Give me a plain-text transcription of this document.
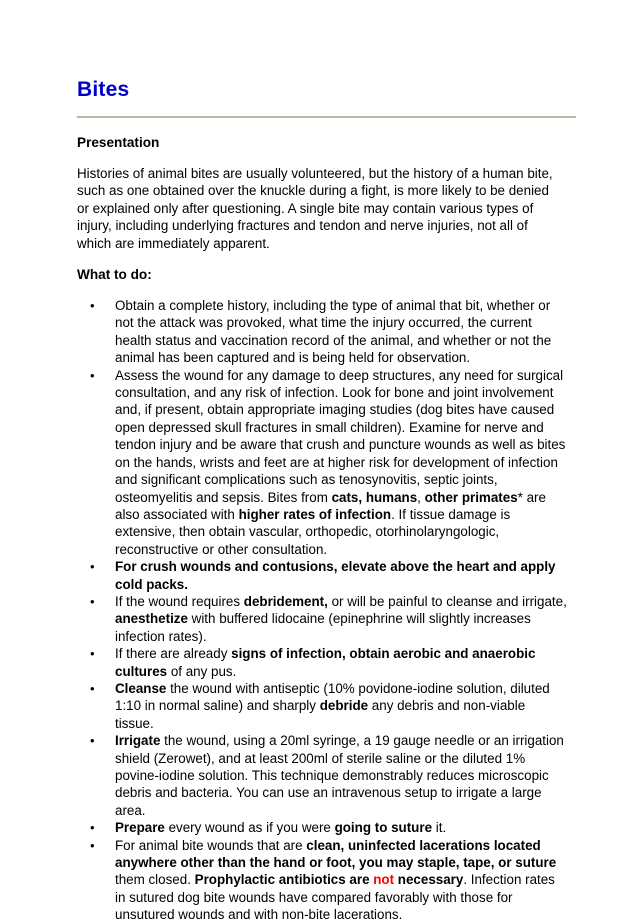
Bites
Presentation

Histories of animal bites are usually volunteered, but the history of a human bite, such as one obtained over the knuckle during a fight, is more likely to be denied or explained only after questioning. A single bite may contain various types of injury, including underlying fractures and tendon and nerve injuries, not all of which are immediately apparent.

What to do:
• Obtain a complete history, including the type of animal that bit, whether or not the attack was provoked, what time the injury occurred, the current health status and vaccination record of the animal, and whether or not the animal has been captured and is being held for observation.
• Assess the wound for any damage to deep structures, any need for surgical consultation, and any risk of infection. Look for bone and joint involvement and, if present, obtain appropriate imaging studies (dog bites have caused open depressed skull fractures in small children). Examine for nerve and tendon injury and be aware that crush and puncture wounds as well as bites on the hands, wrists and feet are at higher risk for development of infection and significant complications such as tenosynovitis, septic joints, osteomyelitis and sepsis. Bites from cats, humans, other primates* are also associated with higher rates of infection. If tissue damage is extensive, then obtain vascular, orthopedic, otorhinolaryngologic, reconstructive or other consultation.
• For crush wounds and contusions, elevate above the heart and apply cold packs.
• If the wound requires debridement, or will be painful to cleanse and irrigate, anesthetize with buffered lidocaine (epinephrine will slightly increases infection rates).
• If there are already signs of infection, obtain aerobic and anaerobic cultures of any pus.
• Cleanse the wound with antiseptic (10% povidone-iodine solution, diluted 1:10 in normal saline) and sharply debride any debris and non-viable tissue.
• Irrigate the wound, using a 20ml syringe, a 19 gauge needle or an irrigation shield (Zerowet), and at least 200ml of sterile saline or the diluted 1% povine-iodine solution. This technique demonstrably reduces microscopic debris and bacteria. You can use an intravenous setup to irrigate a large area.
• Prepare every wound as if you were going to suture it.
• For animal bite wounds that are clean, uninfected lacerations located anywhere other than the hand or foot, you may staple, tape, or suture them closed. Prophylactic antibiotics are not necessary. Infection rates in sutured dog bite wounds have compared favorably with those for unsutured wounds and with non-bite lacerations.
